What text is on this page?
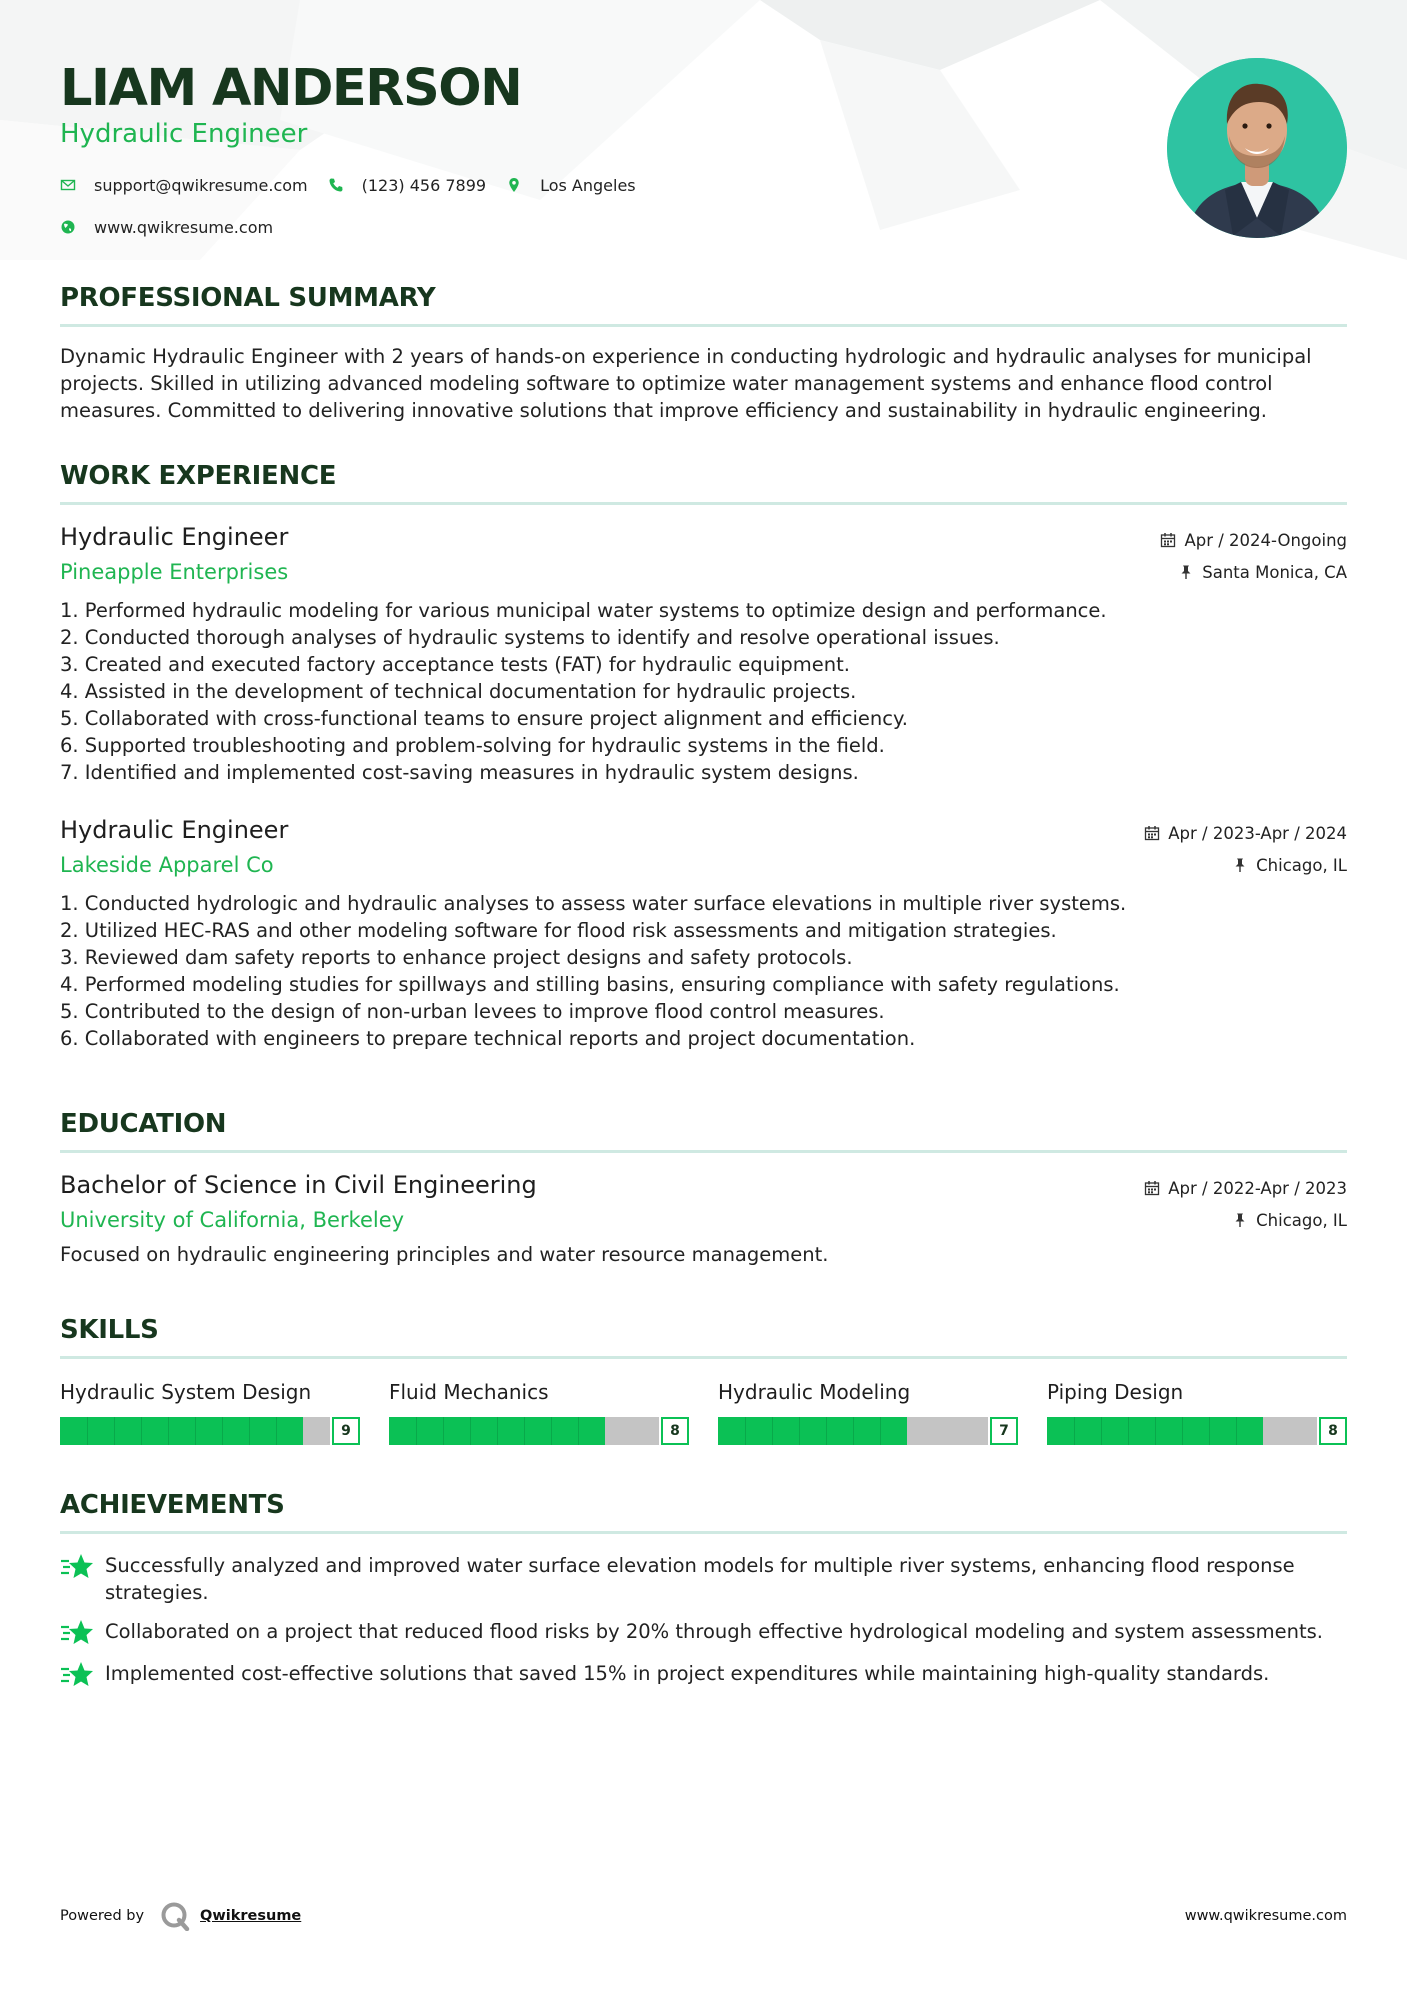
LIAM ANDERSON
Hydraulic Engineer
support@qwikresume.com	(123) 456 7899	Los Angeles
www.qwikresume.com
PROFESSIONAL SUMMARY
Dynamic Hydraulic Engineer with 2 years of hands-on experience in conducting hydrologic and hydraulic analyses for municipal projects. Skilled in utilizing advanced modeling software to optimize water management systems and enhance flood control measures. Committed to delivering innovative solutions that improve efficiency and sustainability in hydraulic engineering.
WORK EXPERIENCE
Hydraulic Engineer
Pineapple Enterprises
Apr / 2024-Ongoing
Santa Monica, CA
1. Performed hydraulic modeling for various municipal water systems to optimize design and performance.
2. Conducted thorough analyses of hydraulic systems to identify and resolve operational issues.
3. Created and executed factory acceptance tests (FAT) for hydraulic equipment.
4. Assisted in the development of technical documentation for hydraulic projects.
5. Collaborated with cross-functional teams to ensure project alignment and efficiency.
6. Supported troubleshooting and problem-solving for hydraulic systems in the field.
7. Identified and implemented cost-saving measures in hydraulic system designs.
Hydraulic Engineer
Lakeside Apparel Co
Apr / 2023-Apr / 2024
Chicago, IL
1. Conducted hydrologic and hydraulic analyses to assess water surface elevations in multiple river systems.
2. Utilized HEC-RAS and other modeling software for flood risk assessments and mitigation strategies.
3. Reviewed dam safety reports to enhance project designs and safety protocols.
4. Performed modeling studies for spillways and stilling basins, ensuring compliance with safety regulations.
5. Contributed to the design of non-urban levees to improve flood control measures.
6. Collaborated with engineers to prepare technical reports and project documentation.
EDUCATION
Bachelor of Science in Civil Engineering
University of California, Berkeley
Apr / 2022-Apr / 2023
Chicago, IL
Focused on hydraulic engineering principles and water resource management.
SKILLS
Hydraulic System Design
9
Fluid Mechanics
8
Hydraulic Modeling
7
Piping Design
8
ACHIEVEMENTS
Successfully analyzed and improved water surface elevation models for multiple river systems, enhancing flood response strategies.
Collaborated on a project that reduced flood risks by 20% through effective hydrological modeling and system assessments.
Implemented cost-effective solutions that saved 15% in project expenditures while maintaining high-quality standards.
Powered by	Qwikresume	www.qwikresume.com
